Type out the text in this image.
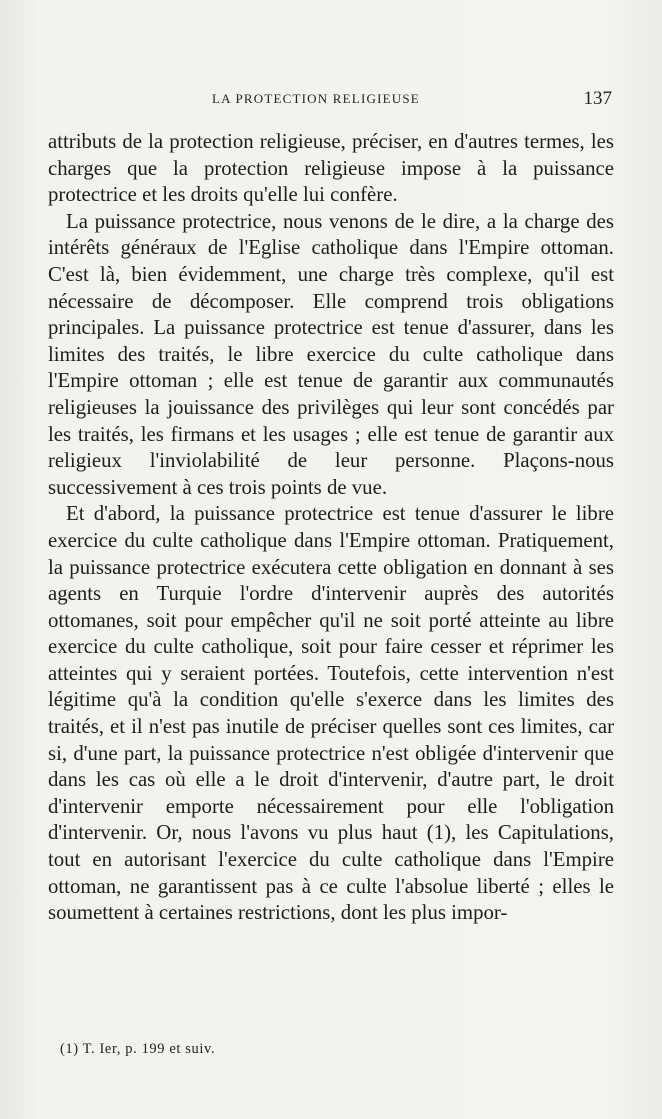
LA PROTECTION RELIGIEUSE	137

attributs de la protection religieuse, préciser, en d'autres termes, les charges que la protection religieuse impose à la puissance protectrice et les droits qu'elle lui confère.

La puissance protectrice, nous venons de le dire, a la charge des intérêts généraux de l'Eglise catholique dans l'Empire ottoman. C'est là, bien évidemment, une charge très complexe, qu'il est nécessaire de décomposer. Elle comprend trois obligations principales. La puissance protectrice est tenue d'assurer, dans les limites des traités, le libre exercice du culte catholique dans l'Empire ottoman ; elle est tenue de garantir aux communautés religieuses la jouissance des privilèges qui leur sont concédés par les traités, les firmans et les usages ; elle est tenue de garantir aux religieux l'inviolabilité de leur personne. Plaçons-nous successivement à ces trois points de vue.

Et d'abord, la puissance protectrice est tenue d'assurer le libre exercice du culte catholique dans l'Empire ottoman. Pratiquement, la puissance protectrice exécutera cette obligation en donnant à ses agents en Turquie l'ordre d'intervenir auprès des autorités ottomanes, soit pour empêcher qu'il ne soit porté atteinte au libre exercice du culte catholique, soit pour faire cesser et réprimer les atteintes qui y seraient portées. Toutefois, cette intervention n'est légitime qu'à la condition qu'elle s'exerce dans les limites des traités, et il n'est pas inutile de préciser quelles sont ces limites, car si, d'une part, la puissance protectrice n'est obligée d'intervenir que dans les cas où elle a le droit d'intervenir, d'autre part, le droit d'intervenir emporte nécessairement pour elle l'obligation d'intervenir. Or, nous l'avons vu plus haut (1), les Capitulations, tout en autorisant l'exercice du culte catholique dans l'Empire ottoman, ne garantissent pas à ce culte l'absolue liberté ; elles le soumettent à certaines restrictions, dont les plus impor-

(1) T. Ier, p. 199 et suiv.
